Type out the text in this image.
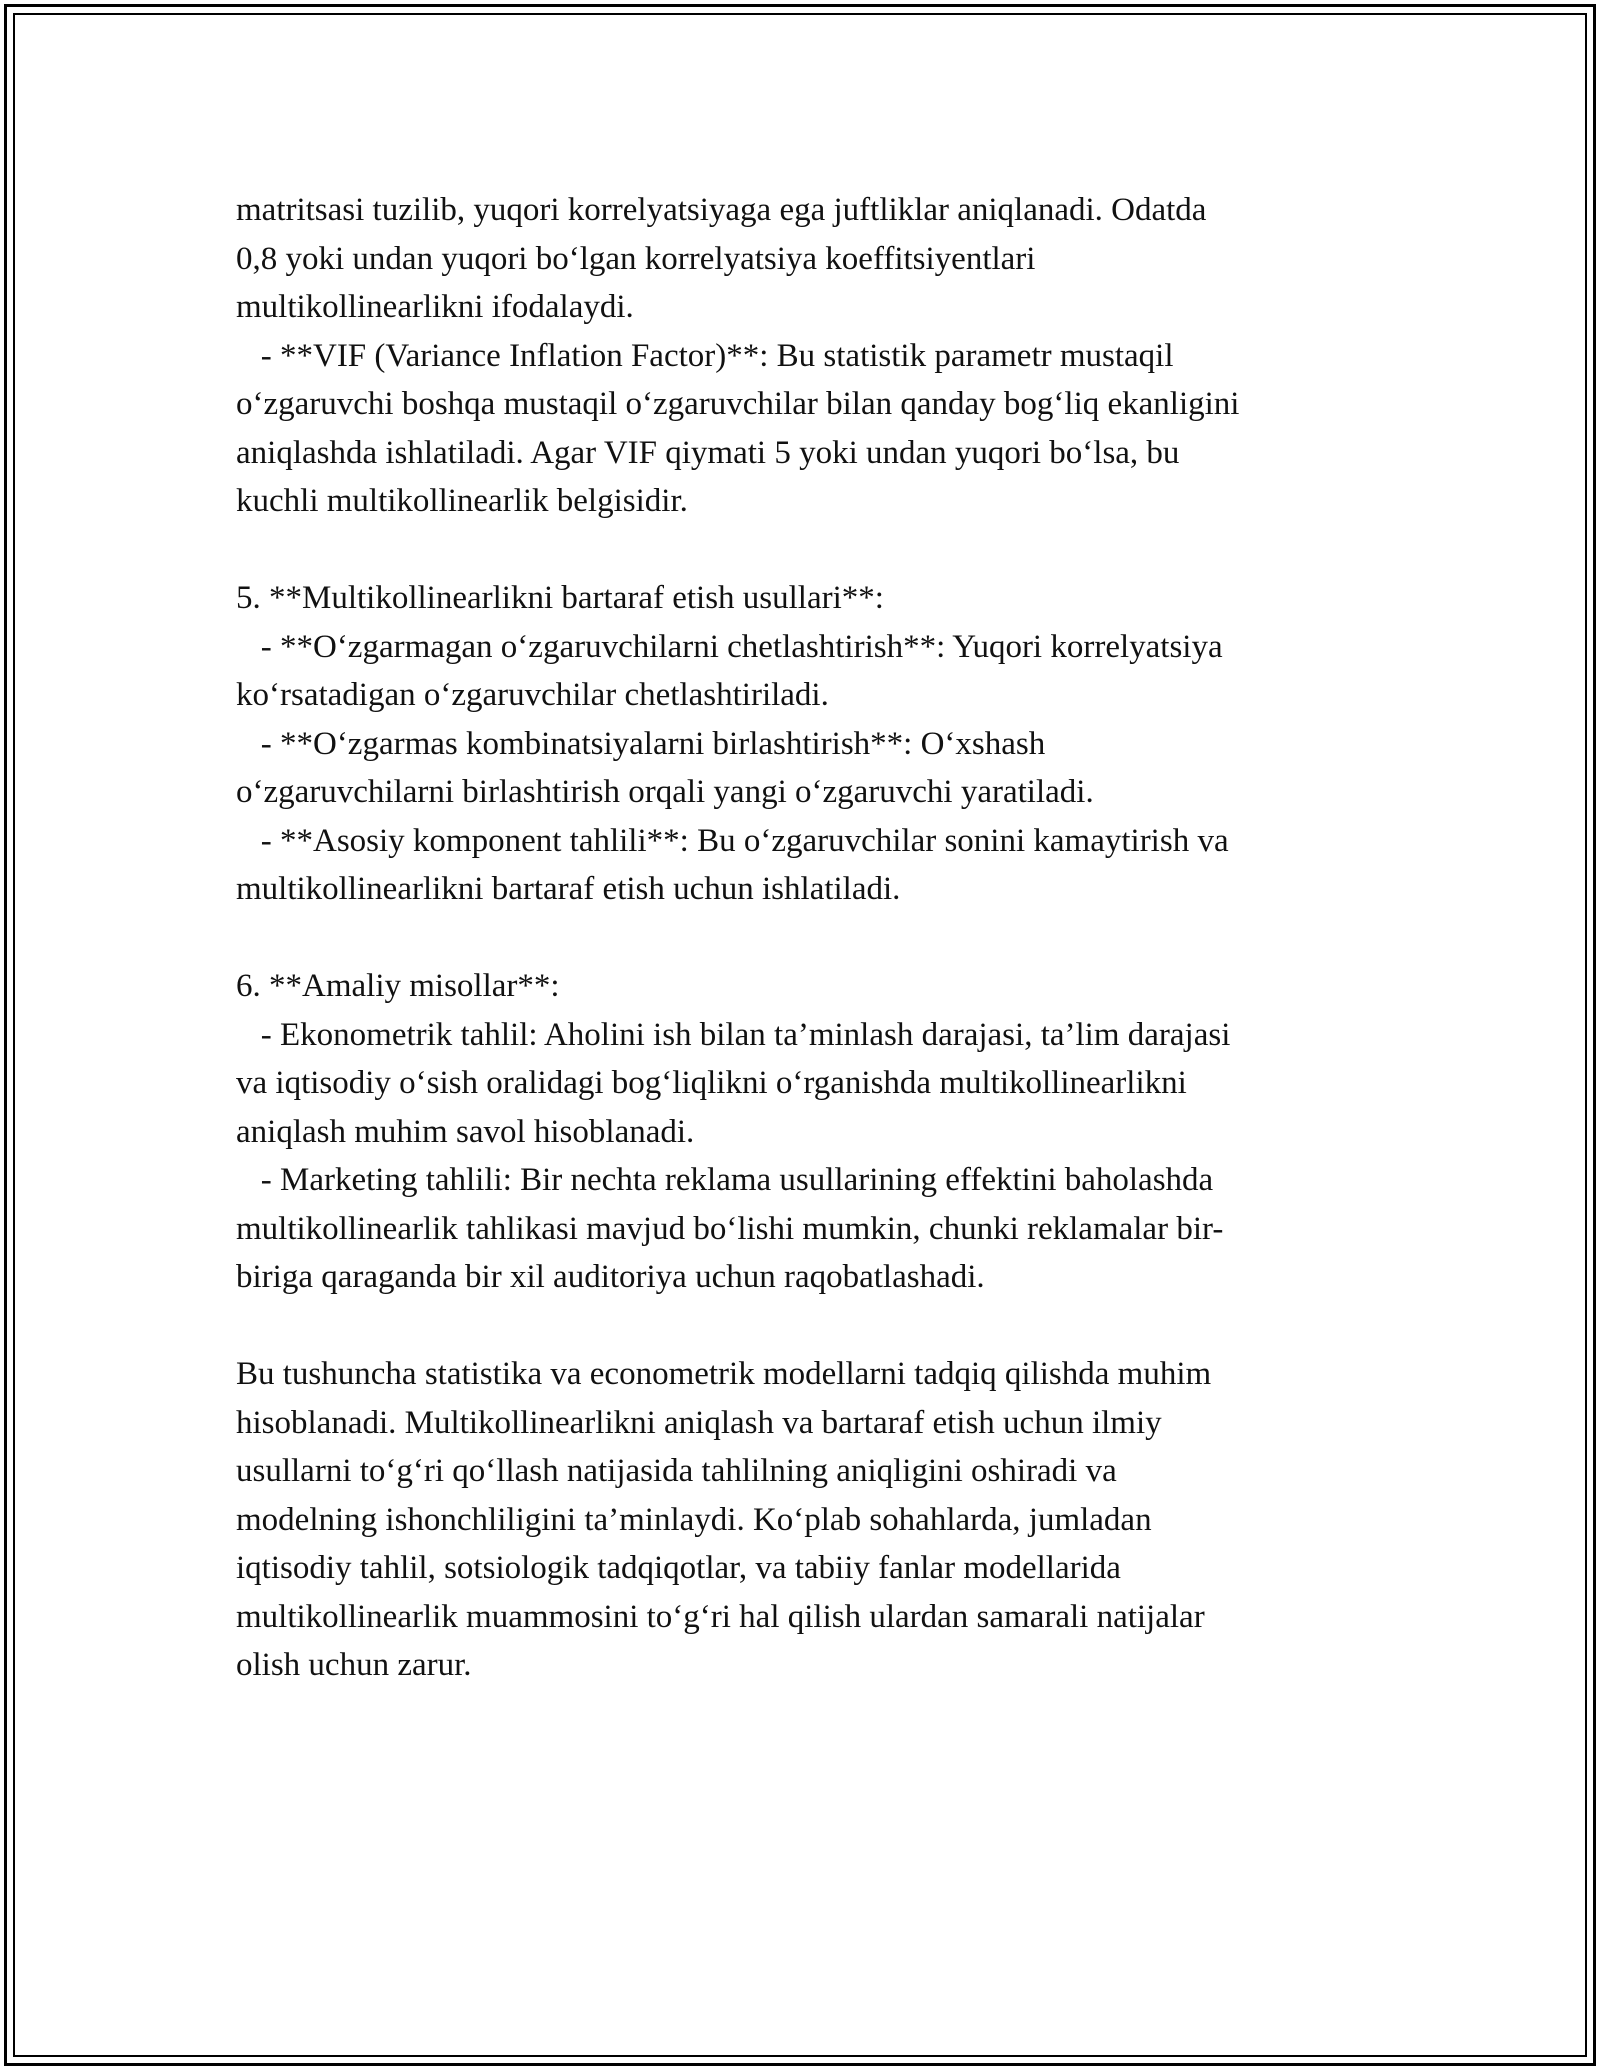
matritsasi tuzilib, yuqori korrelyatsiyaga ega juftliklar aniqlanadi. Odatda
0,8 yoki undan yuqori bo‘lgan korrelyatsiya koeffitsiyentlari
multikollinearlikni ifodalaydi.
- **VIF (Variance Inflation Factor)**: Bu statistik parametr mustaqil
o‘zgaruvchi boshqa mustaqil o‘zgaruvchilar bilan qanday bog‘liq ekanligini
aniqlashda ishlatiladi. Agar VIF qiymati 5 yoki undan yuqori bo‘lsa, bu
kuchli multikollinearlik belgisidir.
5. **Multikollinearlikni bartaraf etish usullari**:
- **O‘zgarmagan o‘zgaruvchilarni chetlashtirish**: Yuqori korrelyatsiya
ko‘rsatadigan o‘zgaruvchilar chetlashtiriladi.
- **O‘zgarmas kombinatsiyalarni birlashtirish**: O‘xshash
o‘zgaruvchilarni birlashtirish orqali yangi o‘zgaruvchi yaratiladi.
- **Asosiy komponent tahlili**: Bu o‘zgaruvchilar sonini kamaytirish va
multikollinearlikni bartaraf etish uchun ishlatiladi.
6. **Amaliy misollar**:
- Ekonometrik tahlil: Aholini ish bilan ta’minlash darajasi, ta’lim darajasi
va iqtisodiy o‘sish oralidagi bog‘liqlikni o‘rganishda multikollinearlikni
aniqlash muhim savol hisoblanadi.
- Marketing tahlili: Bir nechta reklama usullarining effektini baholashda
multikollinearlik tahlikasi mavjud bo‘lishi mumkin, chunki reklamalar bir-
biriga qaraganda bir xil auditoriya uchun raqobatlashadi.
Bu tushuncha statistika va econometrik modellarni tadqiq qilishda muhim
hisoblanadi. Multikollinearlikni aniqlash va bartaraf etish uchun ilmiy
usullarni to‘g‘ri qo‘llash natijasida tahlilning aniqligini oshiradi va
modelning ishonchliligini ta’minlaydi. Ko‘plab sohahlarda, jumladan
iqtisodiy tahlil, sotsiologik tadqiqotlar, va tabiiy fanlar modellarida
multikollinearlik muammosini to‘g‘ri hal qilish ulardan samarali natijalar
olish uchun zarur.
